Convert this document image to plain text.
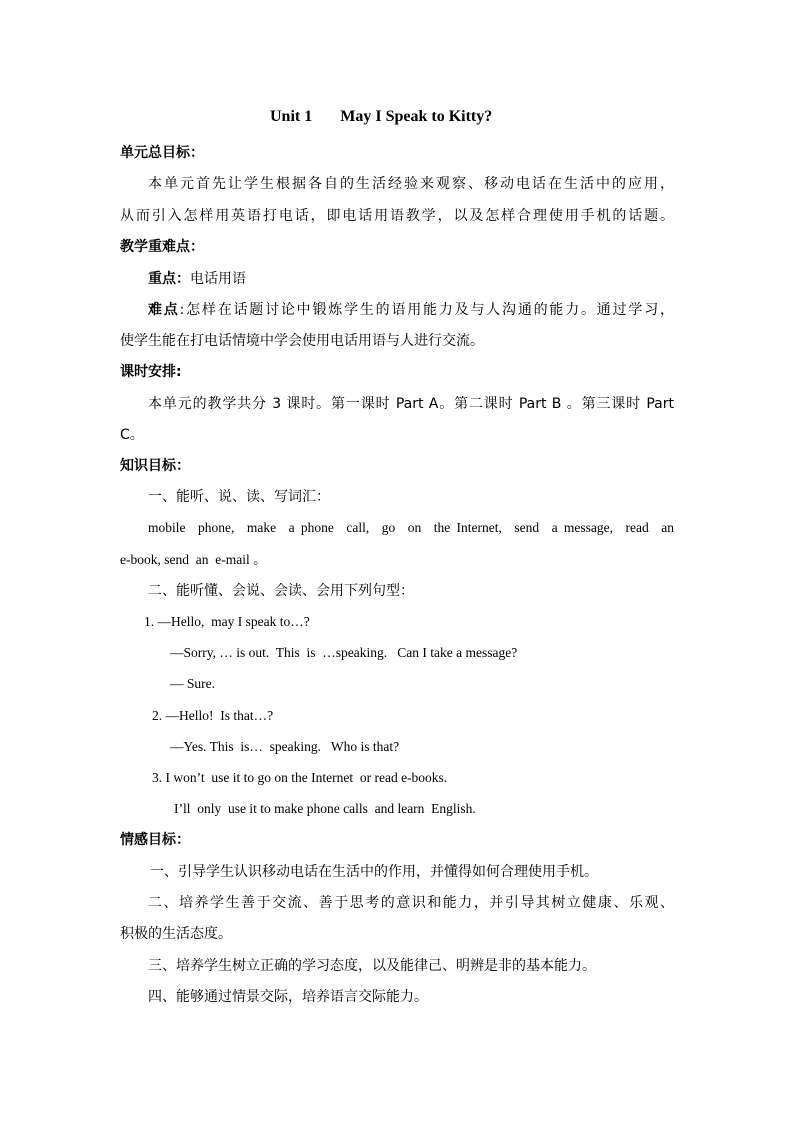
Unit 1 May I Speak to Kitty?
单元总目标：
本单元首先让学生根据各自的生活经验来观察、移动电话在生活中的应用，
从而引入怎样用英语打电话，即电话用语教学，以及怎样合理使用手机的话题。
教学重难点：
重点：电话用语
难点:怎样在话题讨论中锻炼学生的语用能力及与人沟通的能力。通过学习，
使学生能在打电话情境中学会使用电话用语与人进行交流。
课时安排:
本单元的教学共分 3 课时。第一课时 Part A。第二课时 Part B 。第三课时 Part
C。
知识目标：
一、能听、说、读、写词汇：
mobile  phone,  make  a phone  call,  go  on  the Internet,  send  a message,  read  an
e-book, send  an  e-mail 。
二、能听懂、会说、会读、会用下列句型：
1. —Hello,  may I speak to…?
—Sorry, … is out.  This  is  …speaking.   Can I take a message?
— Sure.
2. —Hello!  Is that…?
—Yes. This  is…  speaking.   Who is that?
3. I won’t  use it to go on the Internet  or read e-books.
I’ll  only  use it to make phone calls  and learn  English.
情感目标：
一、引导学生认识移动电话在生活中的作用，并懂得如何合理使用手机。
二、培养学生善于交流、善于思考的意识和能力，并引导其树立健康、乐观、
积极的生活态度。
三、培养学生树立正确的学习态度，以及能律己、明辨是非的基本能力。
四、能够通过情景交际，培养语言交际能力。
